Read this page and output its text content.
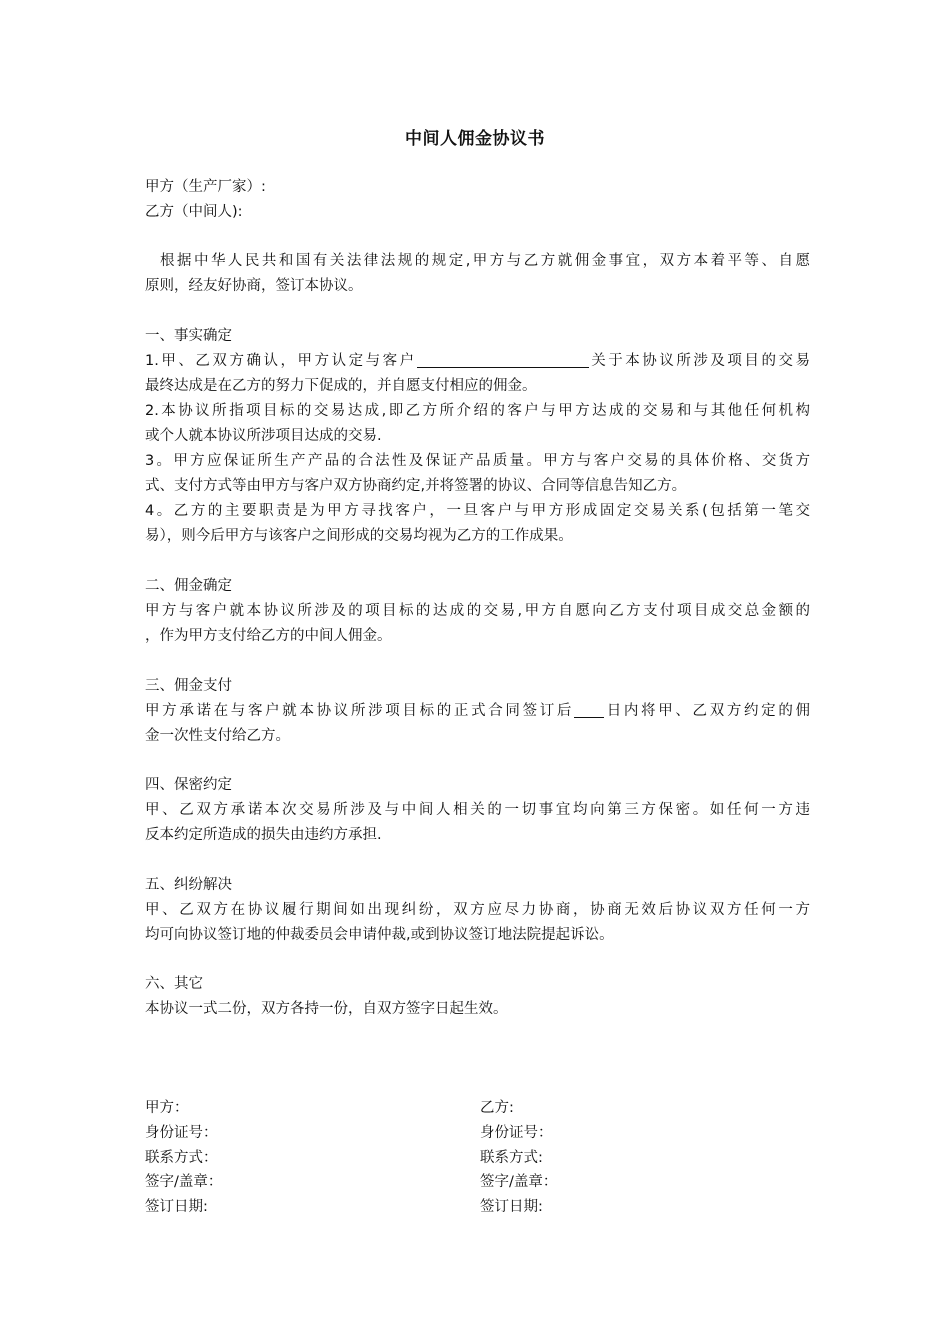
中间人佣金协议书
甲方（生产厂家）:
乙方（中间人):
根据中华人民共和国有关法律法规的规定,甲方与乙方就佣金事宜，双方本着平等、自愿
原则，经友好协商，签订本协议。
一、事实确定
1.甲、乙双方确认，甲方认定与客户	关于本协议所涉及项目的交易
最终达成是在乙方的努力下促成的，并自愿支付相应的佣金。
2.本协议所指项目标的交易达成,即乙方所介绍的客户与甲方达成的交易和与其他任何机构
或个人就本协议所涉项目达成的交易.
3。甲方应保证所生产产品的合法性及保证产品质量。甲方与客户交易的具体价格、交货方
式、支付方式等由甲方与客户双方协商约定,并将签署的协议、合同等信息告知乙方。
4。乙方的主要职责是为甲方寻找客户，一旦客户与甲方形成固定交易关系(包括第一笔交
易），则今后甲方与该客户之间形成的交易均视为乙方的工作成果。
二、佣金确定
甲方与客户就本协议所涉及的项目标的达成的交易,甲方自愿向乙方支付项目成交总金额的
，作为甲方支付给乙方的中间人佣金。
三、佣金支付
甲方承诺在与客户就本协议所涉项目标的正式合同签订后 日内将甲、乙双方约定的佣
金一次性支付给乙方。
四、保密约定
甲、乙双方承诺本次交易所涉及与中间人相关的一切事宜均向第三方保密。如任何一方违
反本约定所造成的损失由违约方承担.
五、纠纷解决
甲、乙双方在协议履行期间如出现纠纷，双方应尽力协商，协商无效后协议双方任何一方
均可向协议签订地的仲裁委员会申请仲裁,或到协议签订地法院提起诉讼。
六、其它
本协议一式二份，双方各持一份，自双方签字日起生效。
甲方：
身份证号：
联系方式：
签字/盖章：
签订日期:
乙方:
身份证号：
联系方式:
签字/盖章：
签订日期:
